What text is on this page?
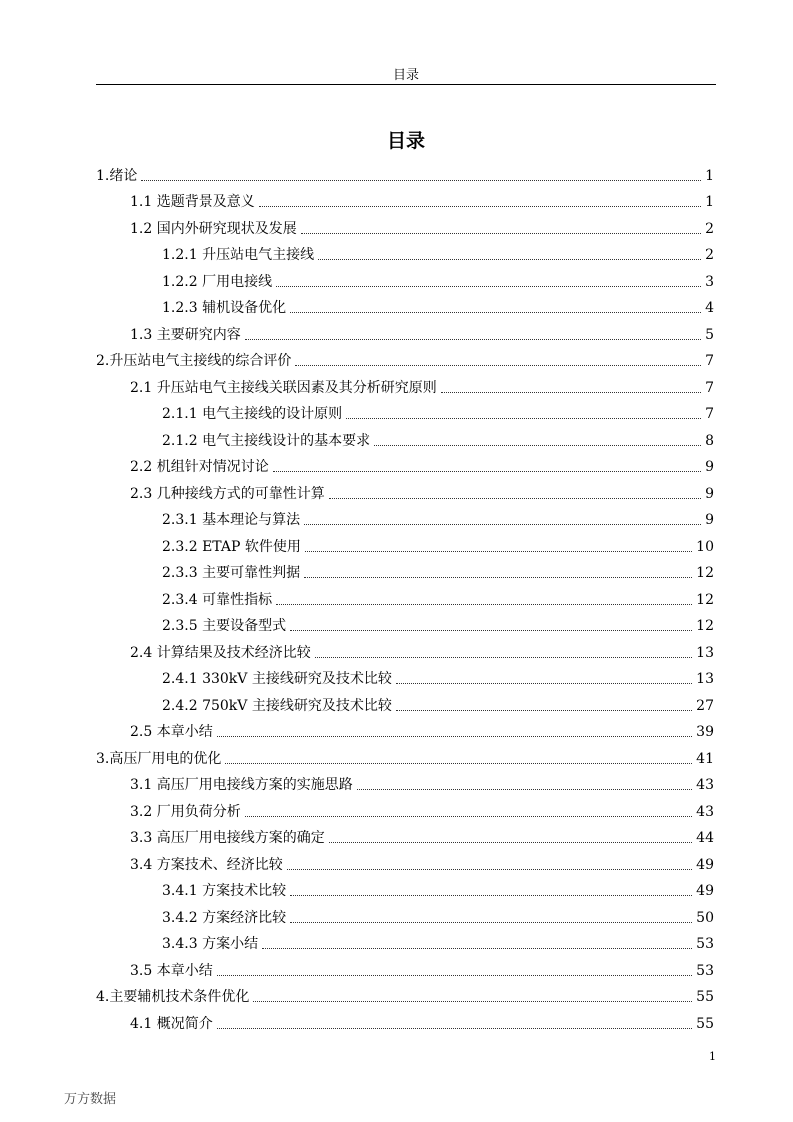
目录
目录
1.绪论	1
1.1 选题背景及意义	1
1.2 国内外研究现状及发展	2
1.2.1 升压站电气主接线	2
1.2.2 厂用电接线	3
1.2.3 辅机设备优化	4
1.3 主要研究内容	5
2.升压站电气主接线的综合评价	7
2.1 升压站电气主接线关联因素及其分析研究原则	7
2.1.1 电气主接线的设计原则	7
2.1.2 电气主接线设计的基本要求	8
2.2 机组针对情况讨论	9
2.3 几种接线方式的可靠性计算	9
2.3.1 基本理论与算法	9
2.3.2 ETAP 软件使用	10
2.3.3 主要可靠性判据	12
2.3.4 可靠性指标	12
2.3.5 主要设备型式	12
2.4 计算结果及技术经济比较	13
2.4.1 330kV 主接线研究及技术比较	13
2.4.2 750kV 主接线研究及技术比较	27
2.5 本章小结	39
3.高压厂用电的优化	41
3.1 高压厂用电接线方案的实施思路	43
3.2 厂用负荷分析	43
3.3 高压厂用电接线方案的确定	44
3.4 方案技术、经济比较	49
3.4.1 方案技术比较	49
3.4.2 方案经济比较	50
3.4.3 方案小结	53
3.5 本章小结	53
4.主要辅机技术条件优化	55
4.1 概况简介	55
1
万方数据
